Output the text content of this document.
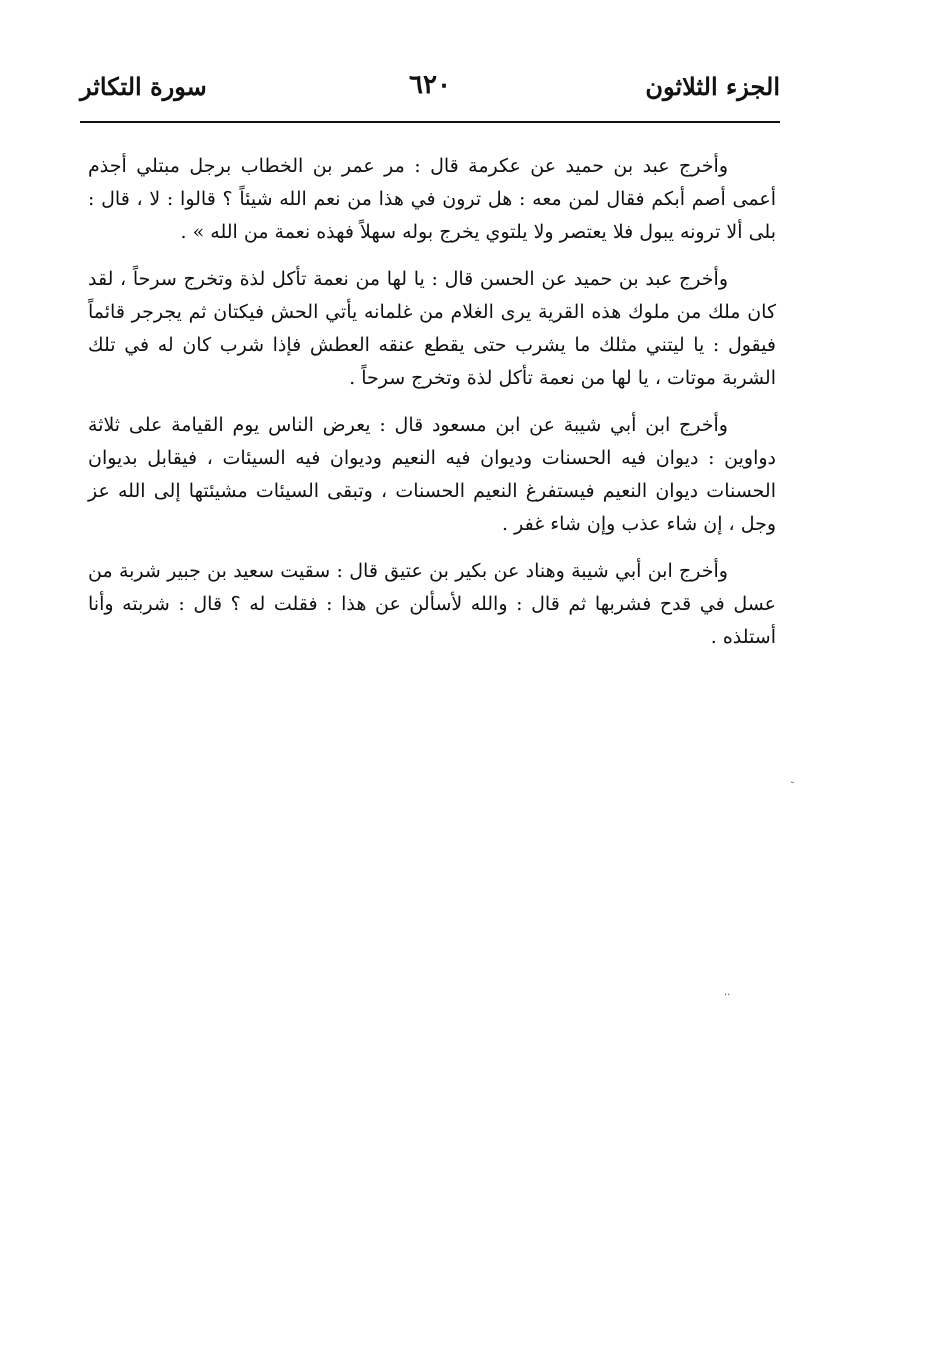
الجزء الثلاثون
٦٢٠
سورة التكاثر

وأخرج عبد بن حميد عن عكرمة قال : مر عمر بن الخطاب برجل مبتلي أجذم أعمى أصم أبكم فقال لمن معه : هل ترون في هذا من نعم الله شيئاً ؟ قالوا : لا ، قال : بلى ألا ترونه يبول فلا يعتصر ولا يلتوي يخرج بوله سهلاً فهذه نعمة من الله » .

وأخرج عبد بن حميد عن الحسن قال : يا لها من نعمة تأكل لذة وتخرج سرحاً ، لقد كان ملك من ملوك هذه القرية يرى الغلام من غلمانه يأتي الحش فيكتان ثم يجرجر قائماً فيقول : يا ليتني مثلك ما يشرب حتى يقطع عنقه العطش فإذا شرب كان له في تلك الشربة موتات ، يا لها من نعمة تأكل لذة وتخرج سرحاً .

وأخرج ابن أبي شيبة عن ابن مسعود قال : يعرض الناس يوم القيامة على ثلاثة دواوين : ديوان فيه الحسنات وديوان فيه النعيم وديوان فيه السيئات ، فيقابل بديوان الحسنات ديوان النعيم فيستفرغ النعيم الحسنات ، وتبقى السيئات مشيئتها إلى الله عز وجل ، إن شاء عذب وإن شاء غفر .

وأخرج ابن أبي شيبة وهناد عن بكير بن عتيق قال : سقيت سعيد بن جبير شربة من عسل في قدح فشربها ثم قال : والله لأسألن عن هذا : فقلت له ؟ قال : شربته وأنا أستلذه .

˘
··
